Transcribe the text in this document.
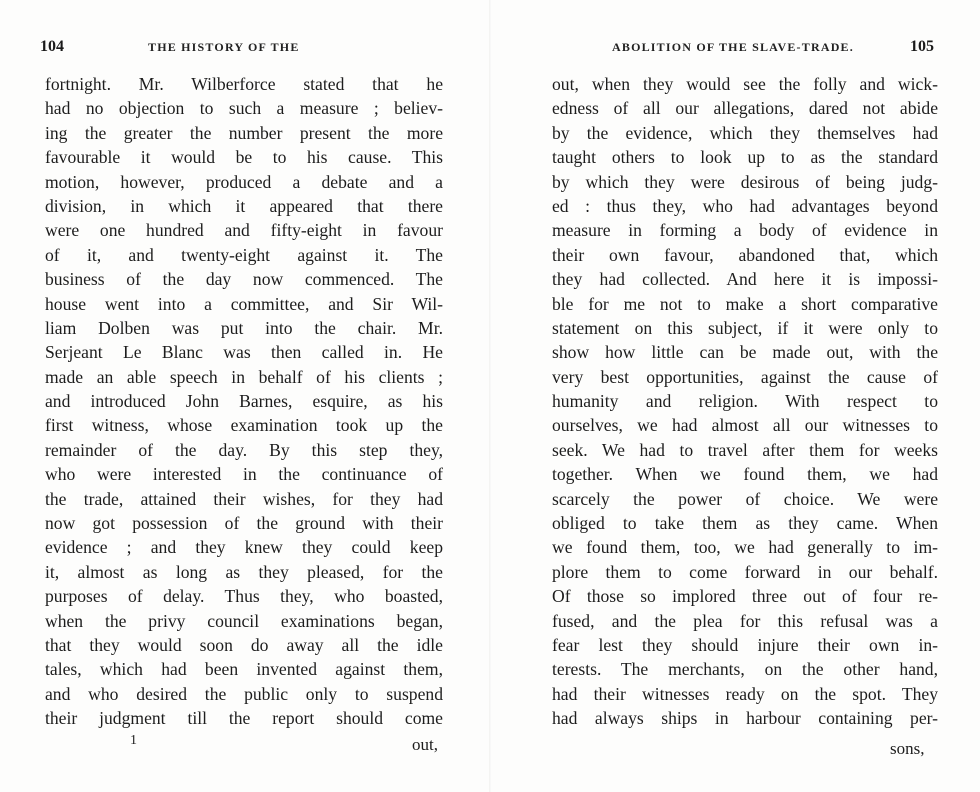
104	THE HISTORY OF THE
fortnight. Mr. Wilberforce stated that he
had no objection to such a measure ; believ-
ing the greater the number present the more
favourable it would be to his cause. This
motion, however, produced a debate and a
division, in which it appeared that there
were one hundred and fifty-eight in favour
of it, and twenty-eight against it. The
business of the day now commenced. The
house went into a committee, and Sir Wil-
liam Dolben was put into the chair. Mr.
Serjeant Le Blanc was then called in. He
made an able speech in behalf of his clients ;
and introduced John Barnes, esquire, as his
first witness, whose examination took up the
remainder of the day. By this step they,
who were interested in the continuance of
the trade, attained their wishes, for they had
now got possession of the ground with their
evidence ; and they knew they could keep
it, almost as long as they pleased, for the
purposes of delay. Thus they, who boasted,
when the privy council examinations began,
that they would soon do away all the idle
tales, which had been invented against them,
and who desired the public only to suspend
their judgment till the report should come
1	out,
ABOLITION OF THE SLAVE-TRADE.	105
out, when they would see the folly and wick-
edness of all our allegations, dared not abide
by the evidence, which they themselves had
taught others to look up to as the standard
by which they were desirous of being judg-
ed : thus they, who had advantages beyond
measure in forming a body of evidence in
their own favour, abandoned that, which
they had collected. And here it is impossi-
ble for me not to make a short comparative
statement on this subject, if it were only to
show how little can be made out, with the
very best opportunities, against the cause of
humanity and religion. With respect to
ourselves, we had almost all our witnesses to
seek. We had to travel after them for weeks
together. When we found them, we had
scarcely the power of choice. We were
obliged to take them as they came. When
we found them, too, we had generally to im-
plore them to come forward in our behalf.
Of those so implored three out of four re-
fused, and the plea for this refusal was a
fear lest they should injure their own in-
terests. The merchants, on the other hand,
had their witnesses ready on the spot. They
had always ships in harbour containing per-
sons,
